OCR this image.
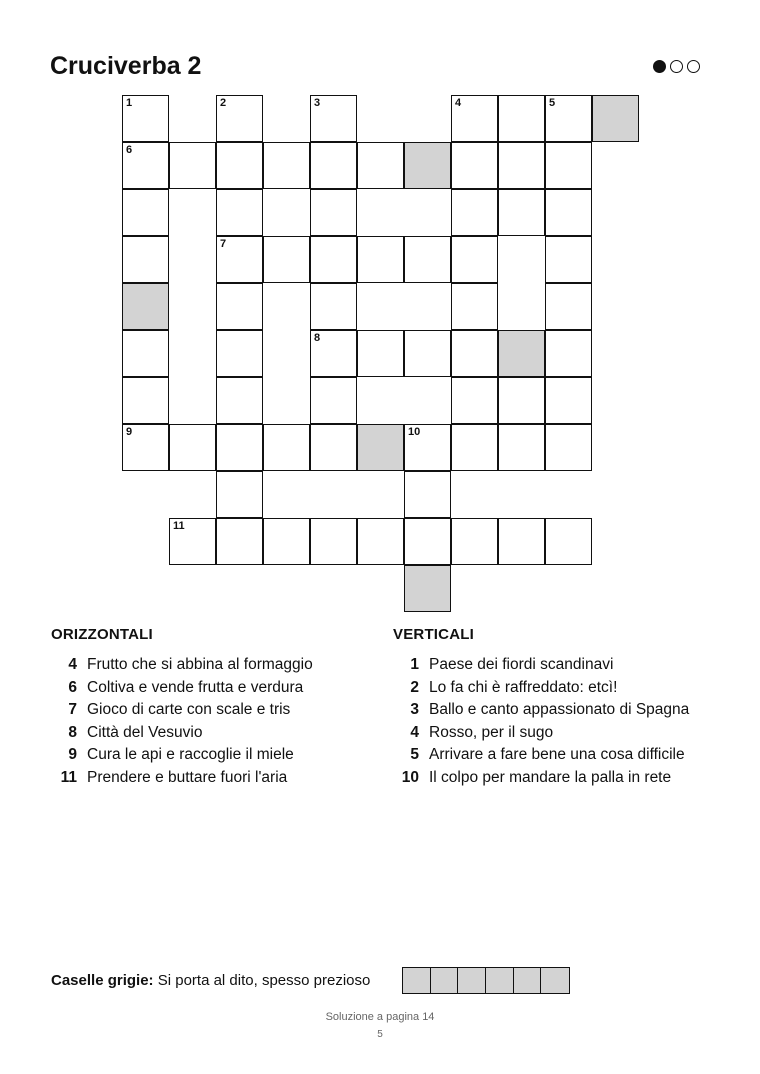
Cruciverba 2
1	2	3	4	5
6
7
8
9	10
11
ORIZZONTALI
4 Frutto che si abbina al formaggio
6 Coltiva e vende frutta e verdura
7 Gioco di carte con scale e tris
8 Città del Vesuvio
9 Cura le api e raccoglie il miele
11 Prendere e buttare fuori l'aria
VERTICALI
1 Paese dei fiordi scandinavi
2 Lo fa chi è raffreddato: etcì!
3 Ballo e canto appassionato di Spagna
4 Rosso, per il sugo
5 Arrivare a fare bene una cosa difficile
10 Il colpo per mandare la palla in rete
Caselle grigie: Si porta al dito, spesso prezioso
Soluzione a pagina 14
5
